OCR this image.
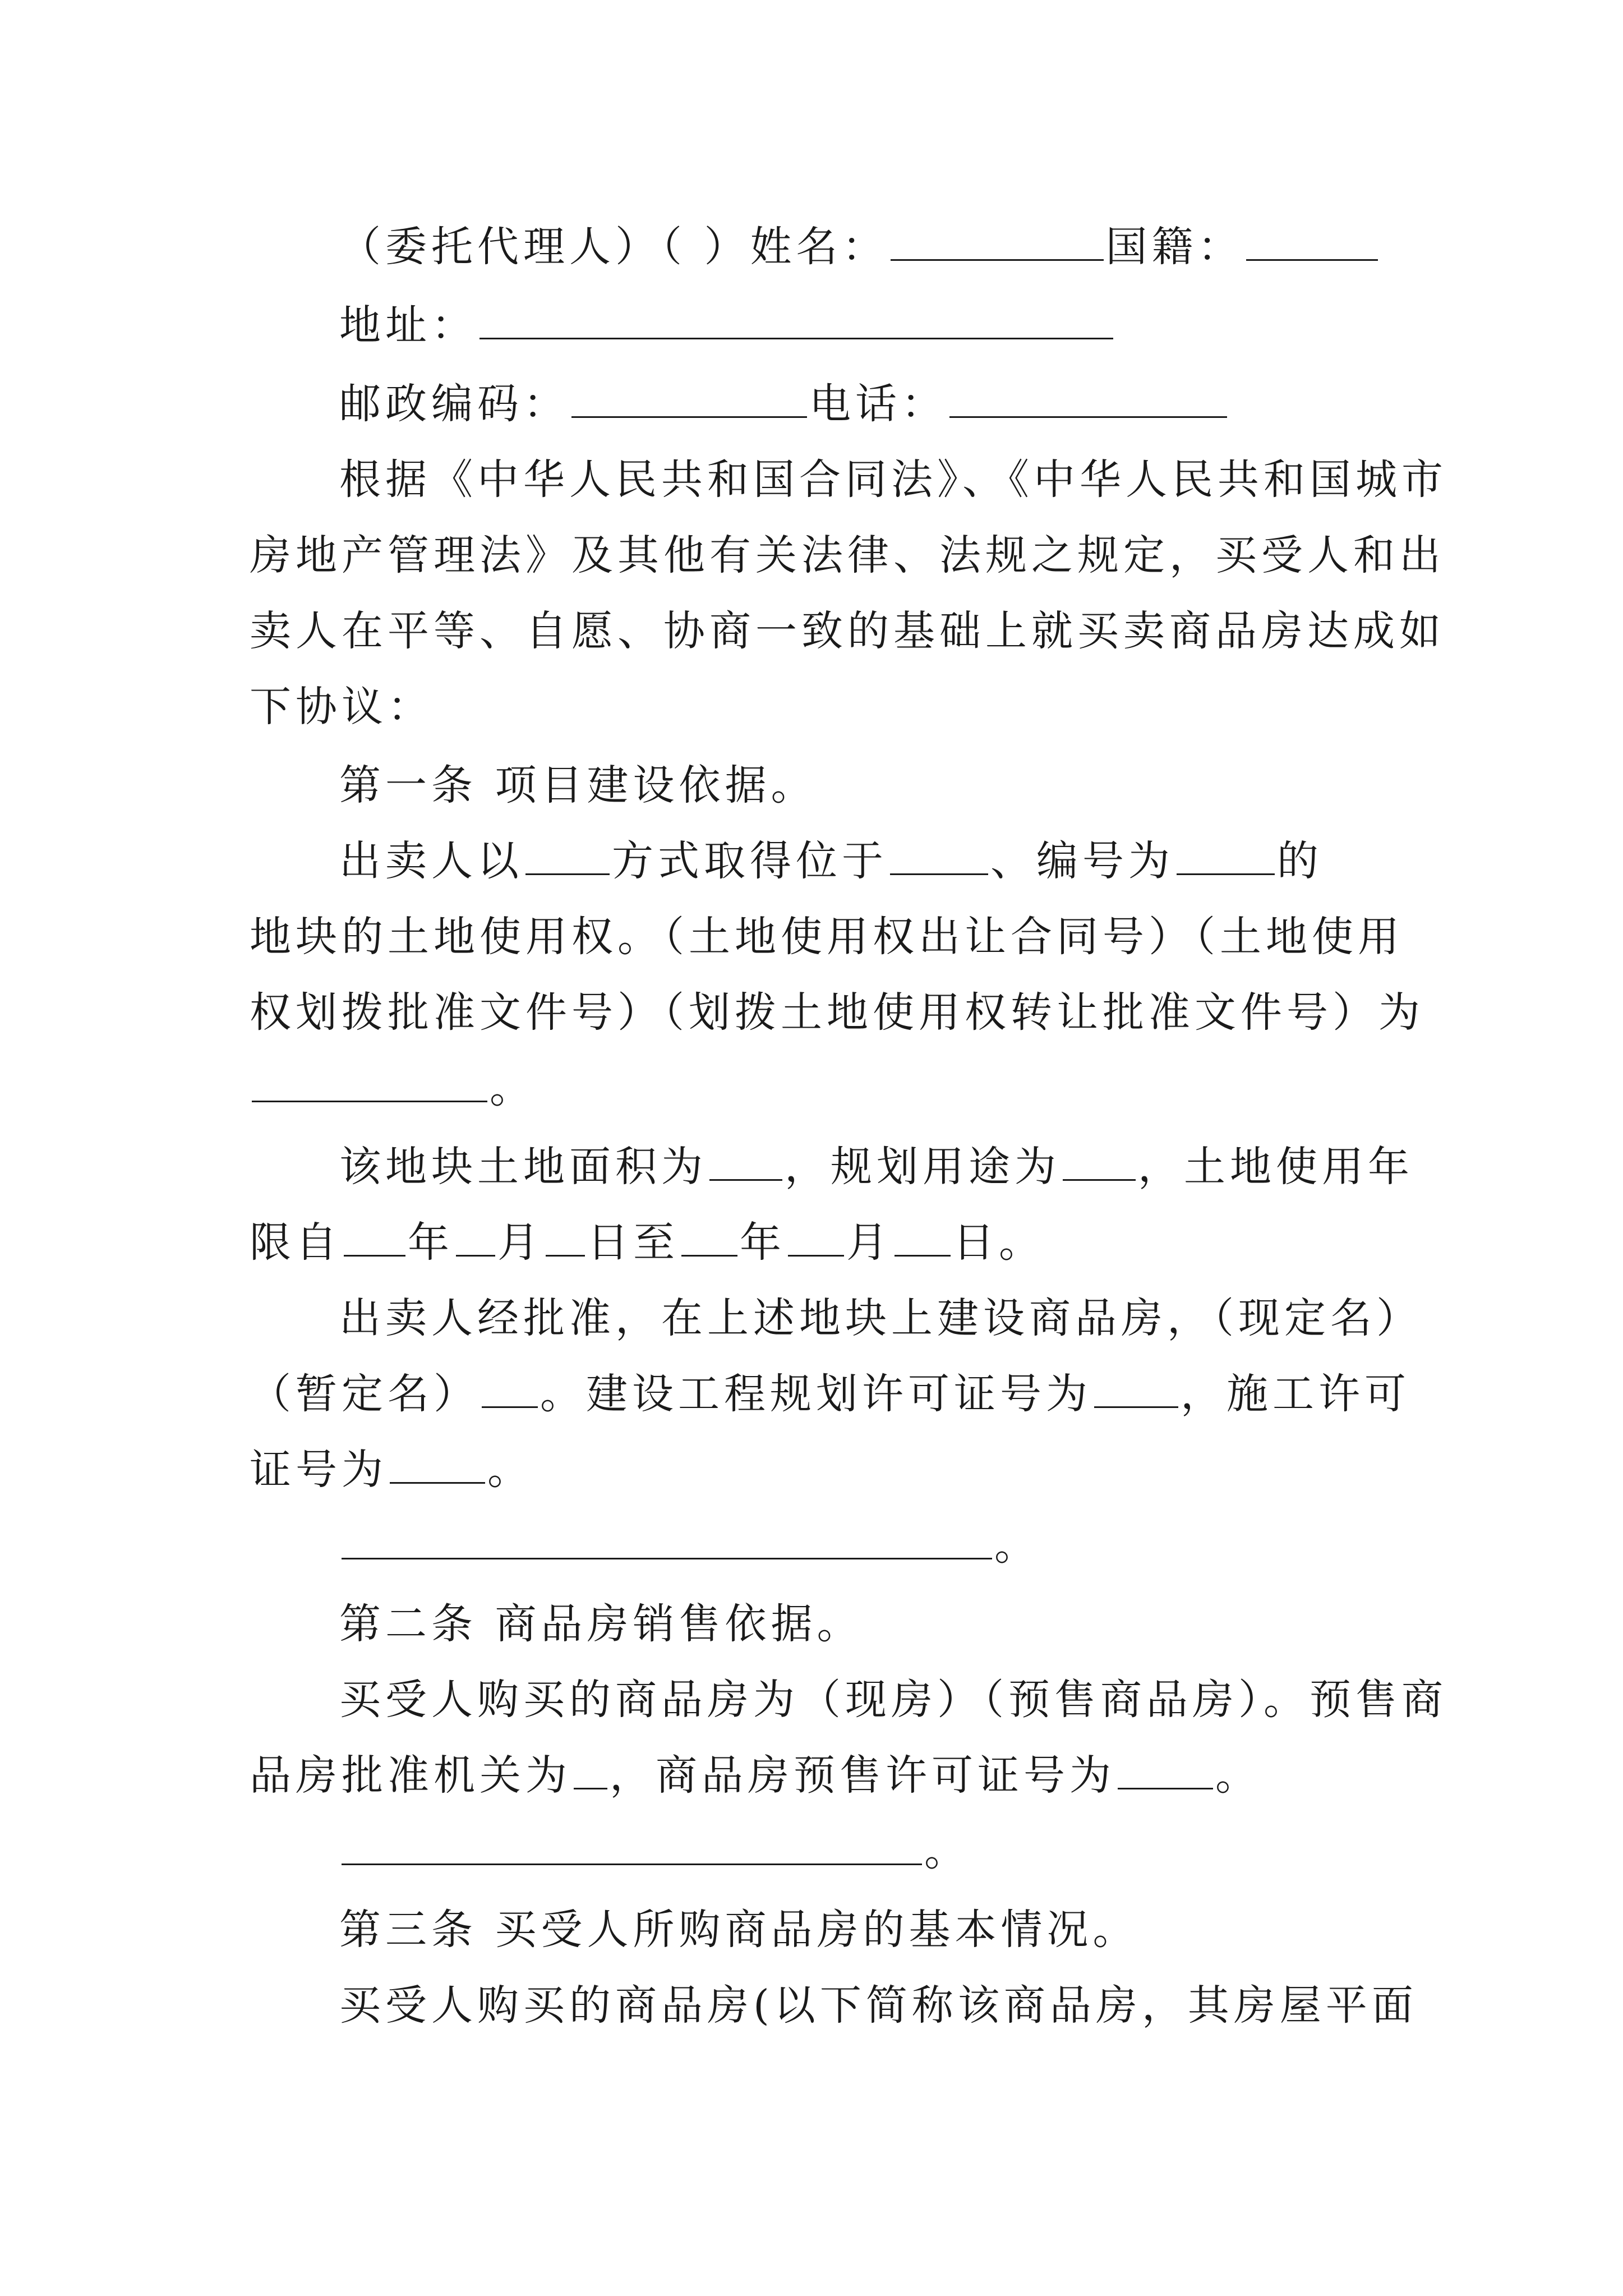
（委托代理人）（ ）姓名：	国籍：
地址：
邮政编码：	电话：
根据《中华人民共和国合同法》、《中华人民共和国城市
房地产管理法》及其他有关法律、法规之规定，买受人和出
卖人在平等、自愿、协商一致的基础上就买卖商品房达成如
下协议：
第一条 项目建设依据。
出卖人以 方式取得位于 、编号为 的
地块的土地使用权。（土地使用权出让合同号）（土地使用
权划拨批准文件号）（划拨土地使用权转让批准文件号）为
。
该地块土地面积为 ，规划用途为 ，土地使用年
限自 年 月 日至 年 月 日。
出卖人经批准，在上述地块上建设商品房，（现定名）
（暂定名） 。建设工程规划许可证号为 ，施工许可
证号为 。
。
第二条 商品房销售依据。
买受人购买的商品房为（现房）（预售商品房）。预售商
品房批准机关为 ，商品房预售许可证号为 。
。
第三条 买受人所购商品房的基本情况。
买受人购买的商品房(以下简称该商品房，其房屋平面
